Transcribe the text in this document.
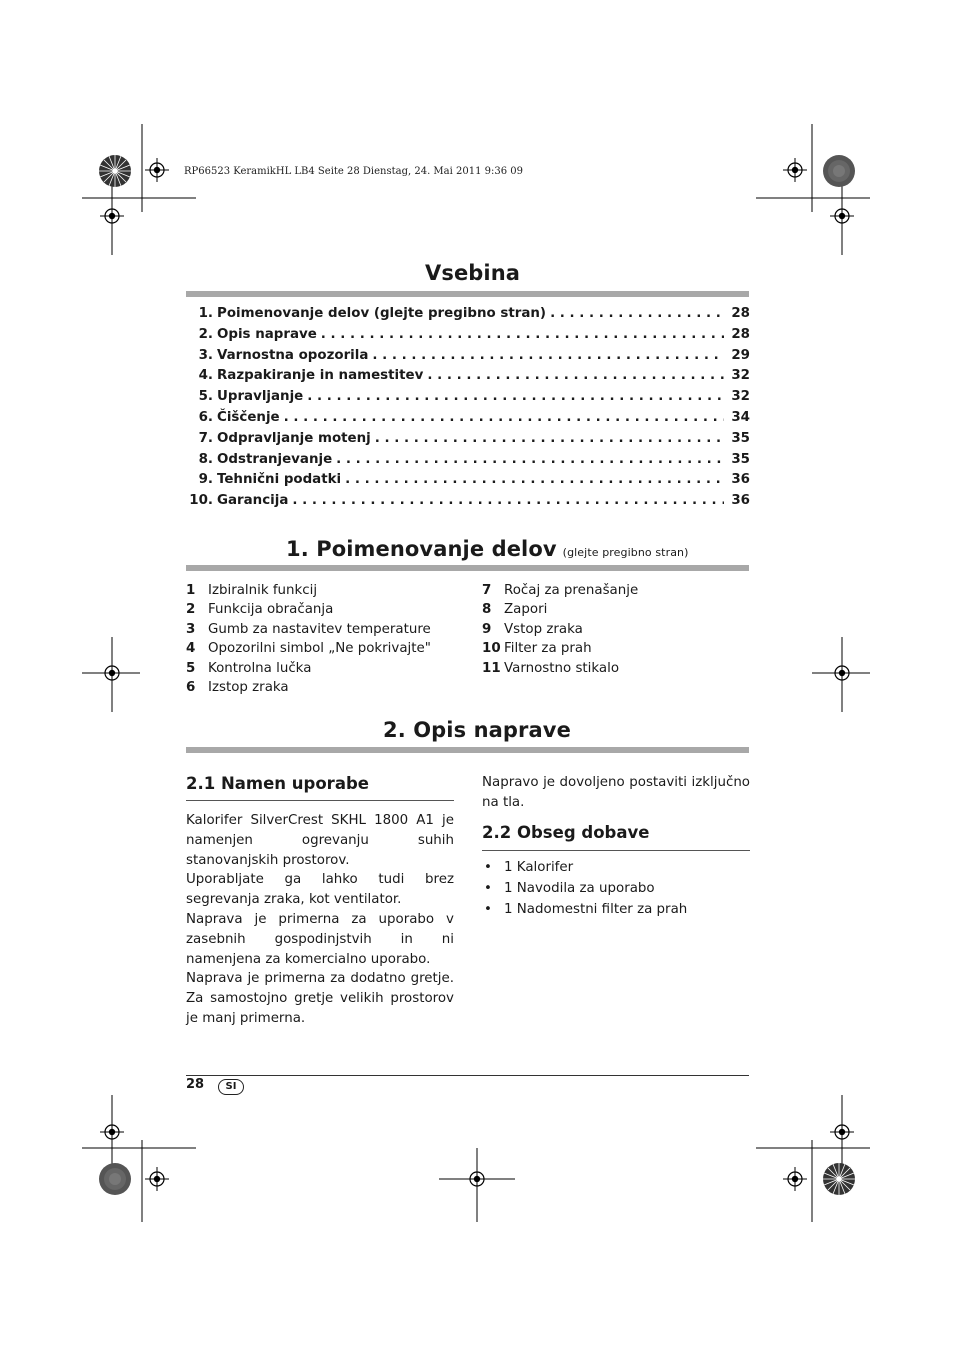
RP66523 KeramikHL LB4 Seite 28 Dienstag, 24. Mai 2011 9:36 09
Vsebina
1. Poimenovanje delov (glejte pregibno stran) . . .	28
2. Opis naprave . . .	28
3. Varnostna opozorila . . .	29
4. Razpakiranje in namestitev . . .	32
5. Upravljanje . . .	32
6. Čiščenje . . .	34
7. Odpravljanje motenj . . .	35
8. Odstranjevanje . . .	35
9. Tehnični podatki . . .	36
10. Garancija . . .	36
1. Poimenovanje delov (glejte pregibno stran)
1 Izbiralnik funkcij
2 Funkcija obračanja
3 Gumb za nastavitev temperature
4 Opozorilni simbol „Ne pokrivajte"
5 Kontrolna lučka
6 Izstop zraka
7 Ročaj za prenašanje
8 Zapori
9 Vstop zraka
10 Filter za prah
11 Varnostno stikalo
2. Opis naprave
2.1 Namen uporabe

Kalorifer SilverCrest SKHL 1800 A1 je namenjen ogrevanju suhih stanovanjskih prostorov.

Uporabljate ga lahko tudi brez segrevanja zraka, kot ventilator.

Naprava je primerna za uporabo v zasebnih gospodinjstvih in ni namenjena za komercialno uporabo.

Naprava je primerna za dodatno gretje. Za samostojno gretje velikih prostorov je manj primerna.

Napravo je dovoljeno postaviti izključno na tla.

2.2 Obseg dobave
• 1 Kalorifer
• 1 Navodila za uporabo
• 1 Nadomestni filter za prah
28	SI
